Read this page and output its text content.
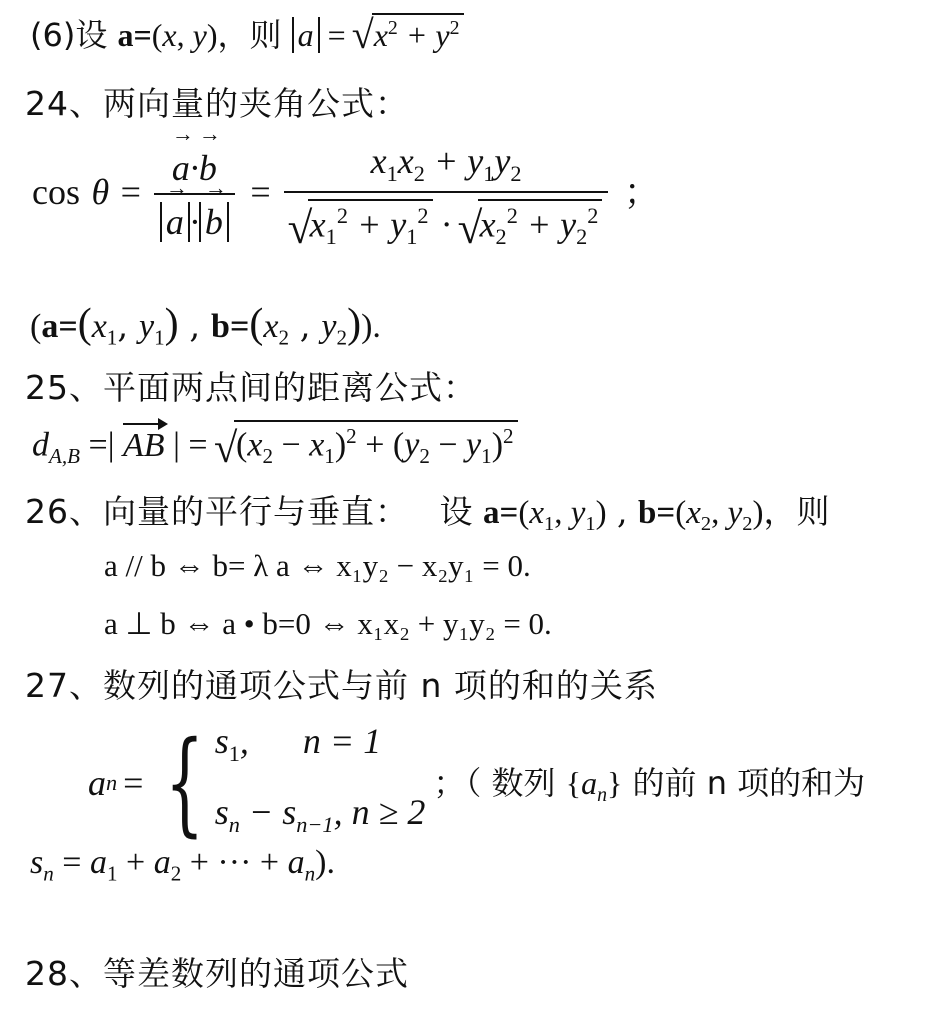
(6)设 a=(x, y)，则 a = √ $x^2 + y^2$
24、两向量的夹角公式：
cos θ =
→ a·→ b
→ $a \cdot\to b = x_1x_2 + y_1y_2$
√ $x_1^2 + y_1^2$ · √ $x_2^2 + y_2^2$ ；
($a=(x_1$, $y_1$) , $b=(x_2$ , $y_2$)).
25、平面两点间的距离公式：
$d_{A,B}$ =| AB | = √ $(x_2 - x_1)^2 + (y_2 - y_1)^2$
26、向量的平行与垂直： 设 $a=(x_1$, $y_1$) , $b=(x_2$, $y_2$)，则
a // b ⇔ b= λ a ⇔ x₁y₂ − x₂y₁ = 0.
a ⊥ b ⇔ a • b=0 ⇔ x₁x₂ + y₁y₂ = 0.
27、数列的通项公式与前 n 项的和的关系
a n = { $s_1$, n = 1
$s_n - s_{n-1}$, n ≥ 2
；（ 数列 $\{a_n\}$ 的前 n 项的和为
$s_n = a_1 + a_2$ + ··· + $a_n$).
28、等差数列的通项公式
